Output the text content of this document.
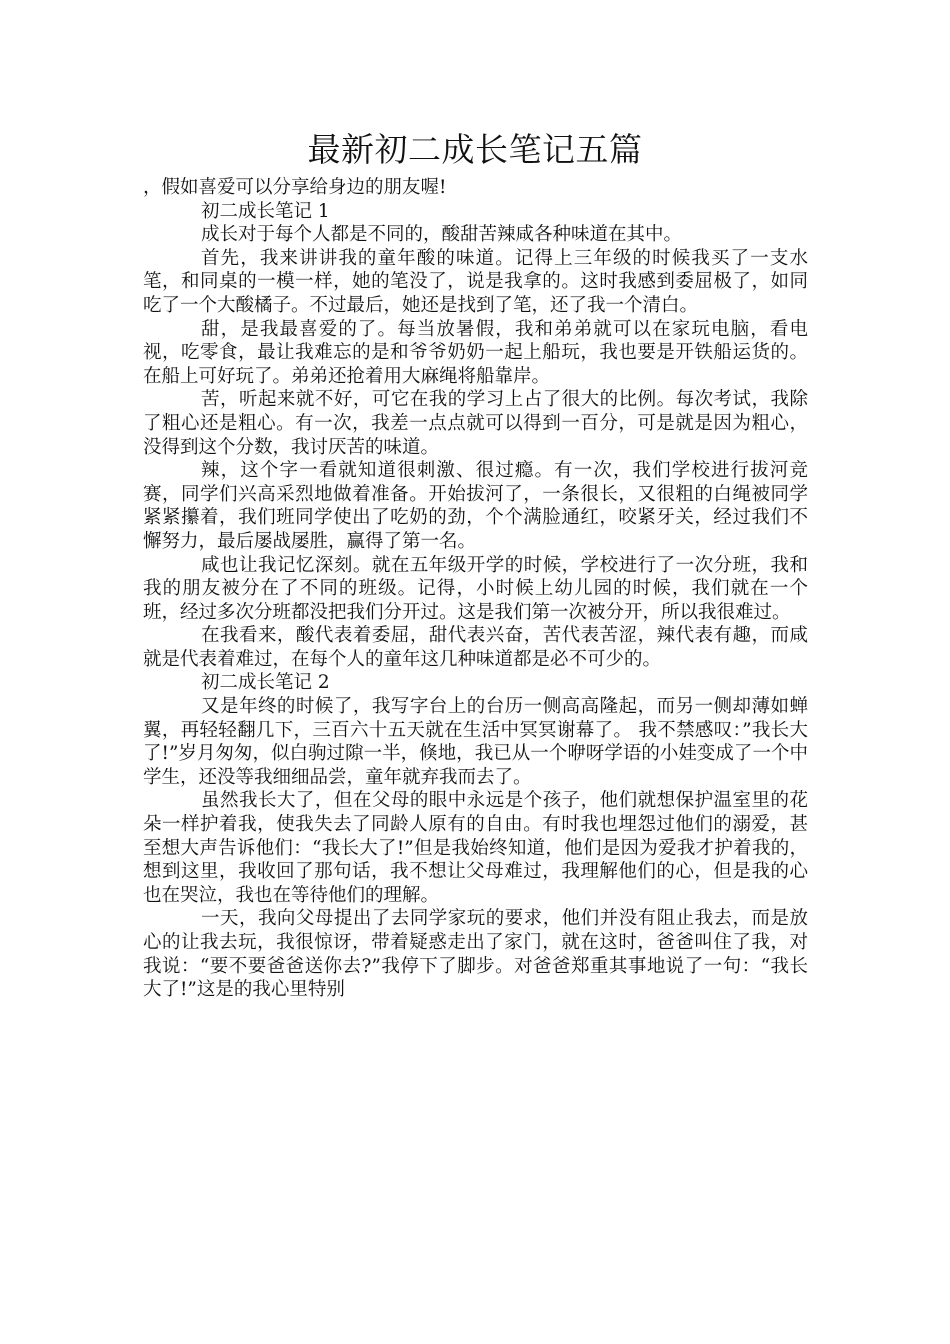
最新初二成长笔记五篇

，假如喜爱可以分享给身边的朋友喔!

初二成长笔记 1

成长对于每个人都是不同的，酸甜苦辣咸各种味道在其中。

首先，我来讲讲我的童年酸的味道。记得上三年级的时候我买了一支水笔，和同桌的一模一样，她的笔没了，说是我拿的。这时我感到委屈极了，如同吃了一个大酸橘子。不过最后，她还是找到了笔，还了我一个清白。

甜，是我最喜爱的了。每当放暑假，我和弟弟就可以在家玩电脑，看电视，吃零食，最让我难忘的是和爷爷奶奶一起上船玩，我也要是开铁船运货的。在船上可好玩了。弟弟还抢着用大麻绳将船靠岸。

苦，听起来就不好，可它在我的学习上占了很大的比例。每次考试，我除了粗心还是粗心。有一次，我差一点点就可以得到一百分，可是就是因为粗心，没得到这个分数，我讨厌苦的味道。

辣，这个字一看就知道很刺激、很过瘾。有一次，我们学校进行拔河竞赛，同学们兴高采烈地做着准备。开始拔河了，一条很长，又很粗的白绳被同学紧紧攥着，我们班同学使出了吃奶的劲，个个满脸通红，咬紧牙关，经过我们不懈努力，最后屡战屡胜，赢得了第一名。

咸也让我记忆深刻。就在五年级开学的时候，学校进行了一次分班，我和我的朋友被分在了不同的班级。记得，小时候上幼儿园的时候，我们就在一个班，经过多次分班都没把我们分开过。这是我们第一次被分开，所以我很难过。

在我看来，酸代表着委屈，甜代表兴奋，苦代表苦涩，辣代表有趣，而咸就是代表着难过，在每个人的童年这几种味道都是必不可少的。

初二成长笔记 2

又是年终的时候了，我写字台上的台历一侧高高隆起，而另一侧却薄如蝉翼，再轻轻翻几下，三百六十五天就在生活中冥冥谢幕了。 我不禁感叹：”我长大了!”岁月匆匆，似白驹过隙一半，倏地，我已从一个咿呀学语的小娃变成了一个中学生，还没等我细细品尝，童年就弃我而去了。

虽然我长大了，但在父母的眼中永远是个孩子，他们就想保护温室里的花朵一样护着我，使我失去了同龄人原有的自由。有时我也埋怨过他们的溺爱，甚至想大声告诉他们：“我长大了!”但是我始终知道，他们是因为爱我才护着我的，想到这里，我收回了那句话，我不想让父母难过，我理解他们的心，但是我的心也在哭泣，我也在等待他们的理解。

一天，我向父母提出了去同学家玩的要求，他们并没有阻止我去，而是放心的让我去玩，我很惊讶，带着疑惑走出了家门，就在这时，爸爸叫住了我，对我说：“要不要爸爸送你去?”我停下了脚步。对爸爸郑重其事地说了一句：“我长大了!”这是的我心里特别
